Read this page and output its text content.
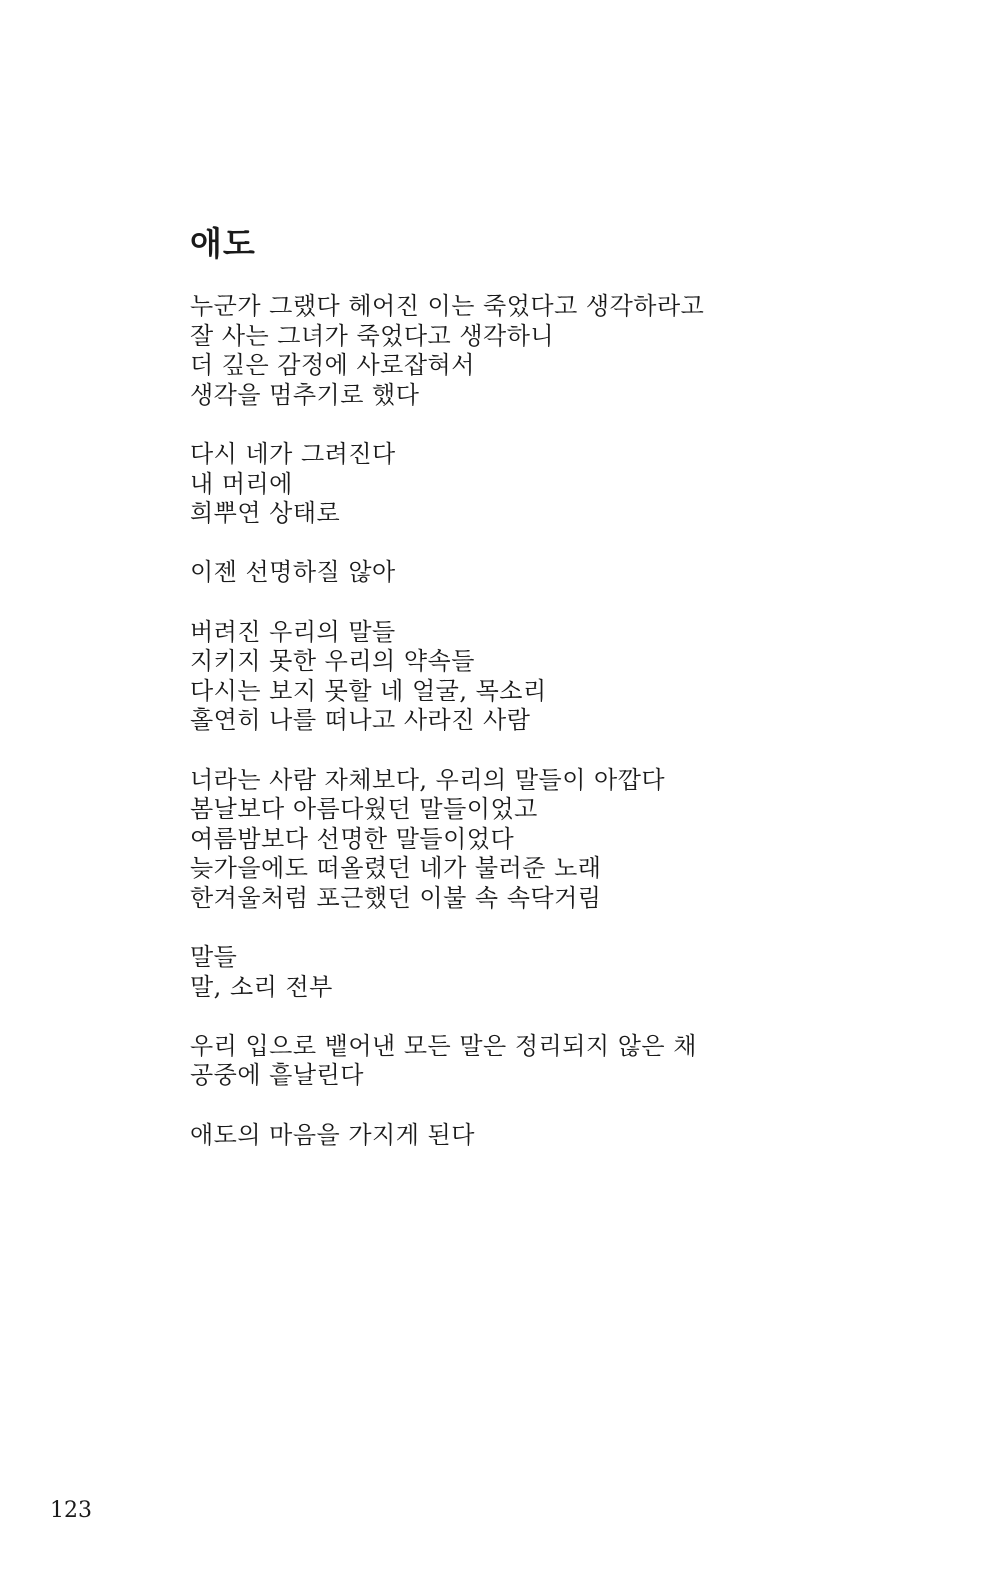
애도
누군가 그랬다 헤어진 이는 죽었다고 생각하라고
잘 사는 그녀가 죽었다고 생각하니
더 깊은 감정에 사로잡혀서
생각을 멈추기로 했다
다시 네가 그려진다
내 머리에
희뿌연 상태로
이젠 선명하질 않아
버려진 우리의 말들
지키지 못한 우리의 약속들
다시는 보지 못할 네 얼굴, 목소리
홀연히 나를 떠나고 사라진 사람
너라는 사람 자체보다, 우리의 말들이 아깝다
봄날보다 아름다웠던 말들이었고
여름밤보다 선명한 말들이었다
늦가을에도 떠올렸던 네가 불러준 노래
한겨울처럼 포근했던 이불 속 속닥거림
말들
말, 소리 전부
우리 입으로 뱉어낸 모든 말은 정리되지 않은 채
공중에 흩날린다
애도의 마음을 가지게 된다
123
